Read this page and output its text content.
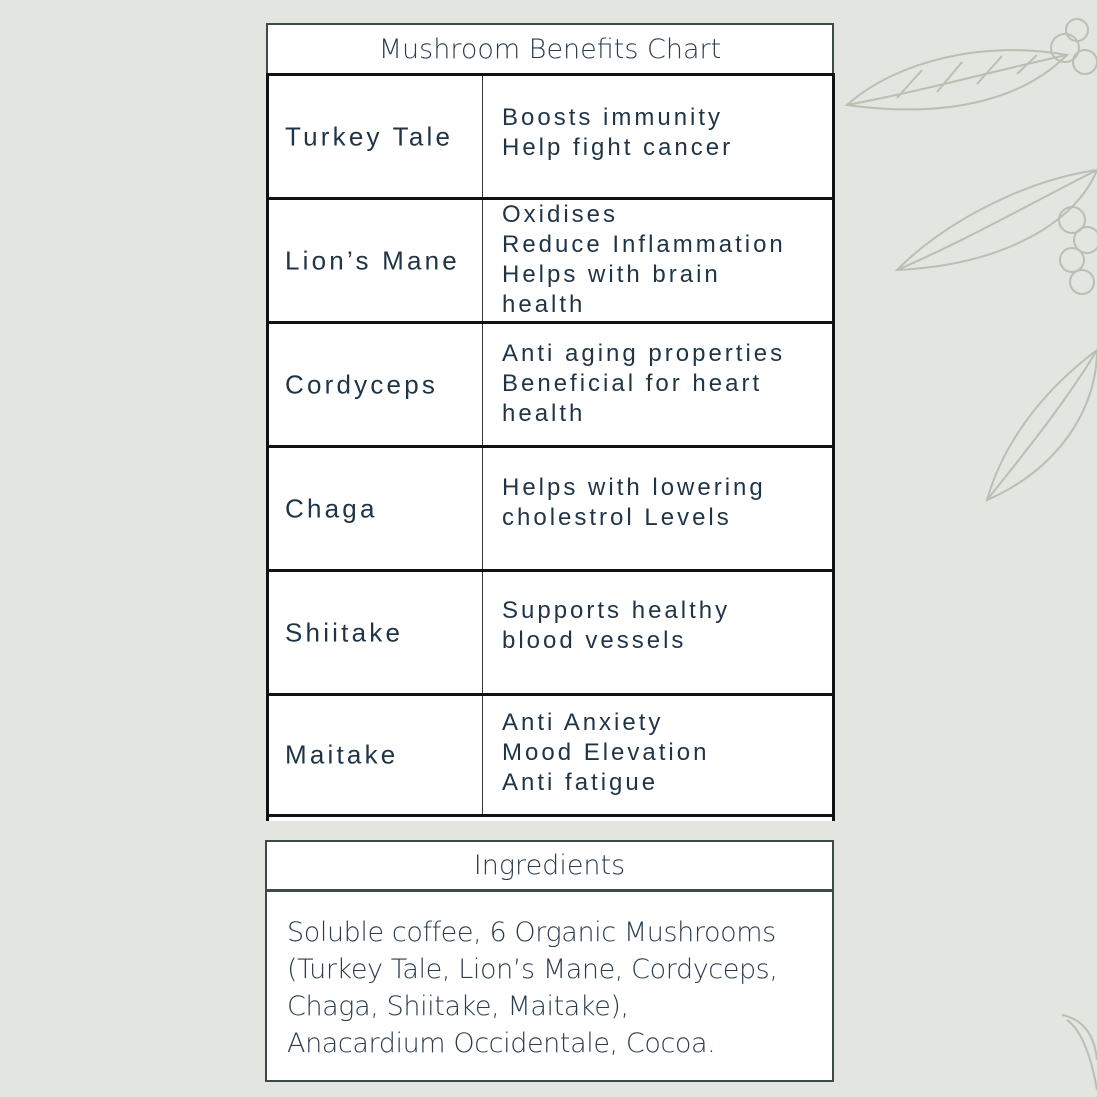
Mushroom Benefits Chart
Turkey Tale
Boosts immunity
Help fight cancer
Lion’s Mane
Oxidises
Reduce Inflammation
Helps with brain
health
Cordyceps
Anti aging properties
Beneficial for heart
health
Chaga
Helps with lowering
cholestrol Levels
Shiitake
Supports healthy
blood vessels
Maitake
Anti Anxiety
Mood Elevation
Anti fatigue
Ingredients

Soluble coffee, 6 Organic Mushrooms
(Turkey Tale, Lion’s Mane, Cordyceps,
Chaga, Shiitake, Maitake),
Anacardium Occidentale, Cocoa.
